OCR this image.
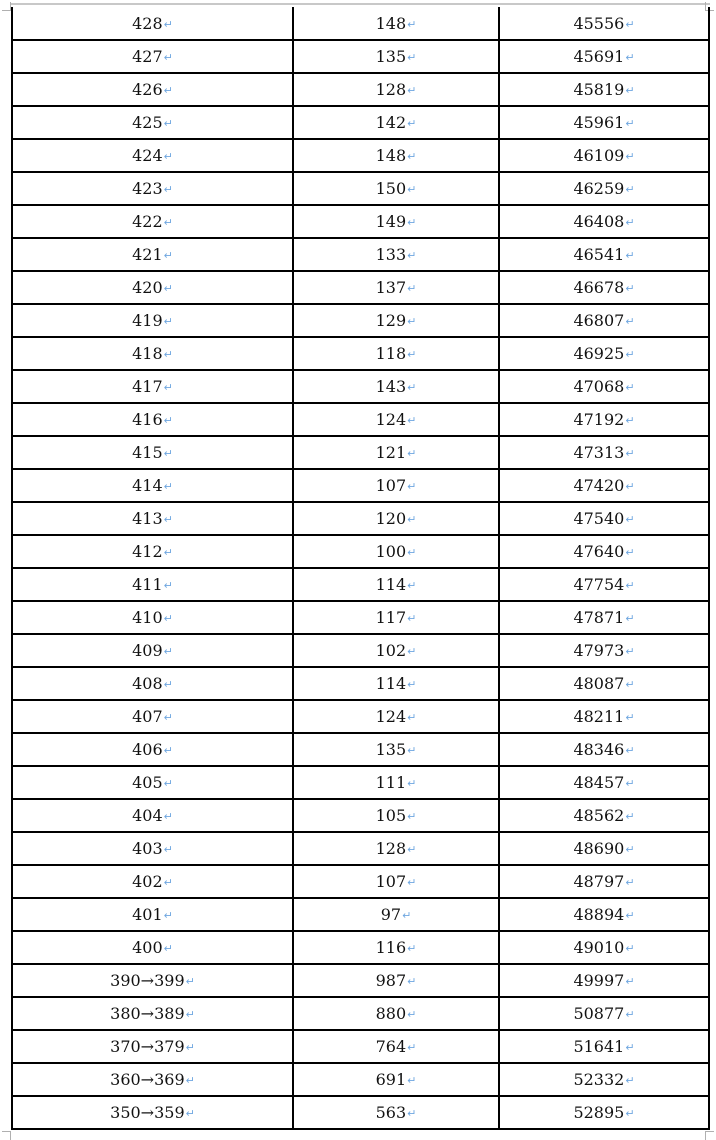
428↵	148↵	45556↵
427↵	135↵	45691↵
426↵	128↵	45819↵
425↵	142↵	45961↵
424↵	148↵	46109↵
423↵	150↵	46259↵
422↵	149↵	46408↵
421↵	133↵	46541↵
420↵	137↵	46678↵
419↵	129↵	46807↵
418↵	118↵	46925↵
417↵	143↵	47068↵
416↵	124↵	47192↵
415↵	121↵	47313↵
414↵	107↵	47420↵
413↵	120↵	47540↵
412↵	100↵	47640↵
411↵	114↵	47754↵
410↵	117↵	47871↵
409↵	102↵	47973↵
408↵	114↵	48087↵
407↵	124↵	48211↵
406↵	135↵	48346↵
405↵	111↵	48457↵
404↵	105↵	48562↵
403↵	128↵	48690↵
402↵	107↵	48797↵
401↵	97↵	48894↵
400↵	116↵	49010↵
390→399↵	987↵	49997↵
380→389↵	880↵	50877↵
370→379↵	764↵	51641↵
360→369↵	691↵	52332↵
350→359↵	563↵	52895↵
